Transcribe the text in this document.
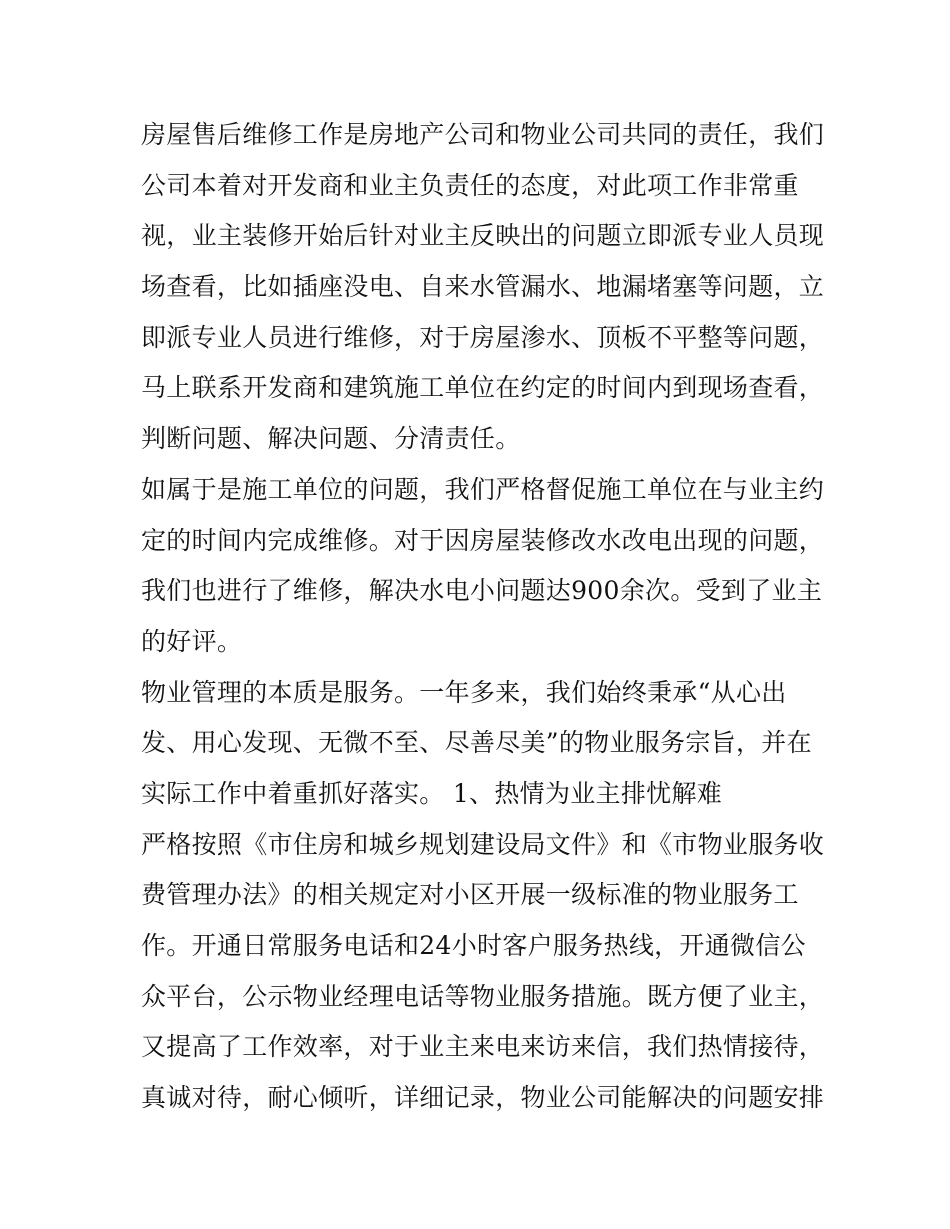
房屋售后维修工作是房地产公司和物业公司共同的责任，我们
公司本着对开发商和业主负责任的态度，对此项工作非常重
视，业主装修开始后针对业主反映出的问题立即派专业人员现
场查看，比如插座没电、自来水管漏水、地漏堵塞等问题，立
即派专业人员进行维修，对于房屋渗水、顶板不平整等问题，
马上联系开发商和建筑施工单位在约定的时间内到现场查看，
判断问题、解决问题、分清责任。
如属于是施工单位的问题，我们严格督促施工单位在与业主约
定的时间内完成维修。对于因房屋装修改水改电出现的问题，
我们也进行了维修，解决水电小问题达900余次。受到了业主
的好评。
物业管理的本质是服务。一年多来，我们始终秉承“从心出
发、用心发现、无微不至、尽善尽美”的物业服务宗旨，并在
实际工作中着重抓好落实。 1、热情为业主排忧解难
严格按照《市住房和城乡规划建设局文件》和《市物业服务收
费管理办法》的相关规定对小区开展一级标准的物业服务工
作。开通日常服务电话和24小时客户服务热线，开通微信公
众平台，公示物业经理电话等物业服务措施。既方便了业主，
又提高了工作效率，对于业主来电来访来信，我们热情接待，
真诚对待，耐心倾听，详细记录，物业公司能解决的问题安排
